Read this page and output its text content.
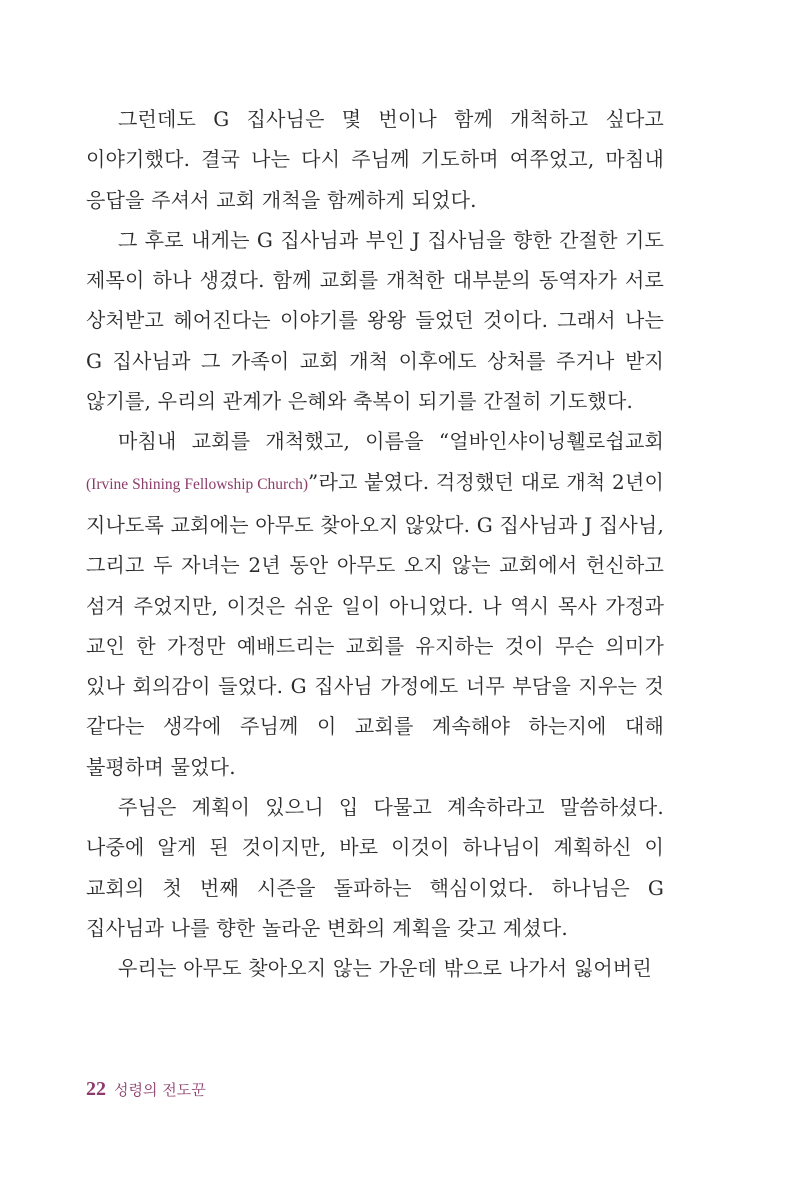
그런데도 G 집사님은 몇 번이나 함께 개척하고 싶다고 이야기했다. 결국 나는 다시 주님께 기도하며 여쭈었고, 마침내 응답을 주셔서 교회 개척을 함께하게 되었다.

그 후로 내게는 G 집사님과 부인 J 집사님을 향한 간절한 기도 제목이 하나 생겼다. 함께 교회를 개척한 대부분의 동역자가 서로 상처받고 헤어진다는 이야기를 왕왕 들었던 것이다. 그래서 나는 G 집사님과 그 가족이 교회 개척 이후에도 상처를 주거나 받지 않기를, 우리의 관계가 은혜와 축복이 되기를 간절히 기도했다.

마침내 교회를 개척했고, 이름을 “얼바인샤이닝휄로쉽교회(Irvine Shining Fellowship Church)”라고 붙였다. 걱정했던 대로 개척 2년이 지나도록 교회에는 아무도 찾아오지 않았다. G 집사님과 J 집사님, 그리고 두 자녀는 2년 동안 아무도 오지 않는 교회에서 헌신하고 섬겨 주었지만, 이것은 쉬운 일이 아니었다. 나 역시 목사 가정과 교인 한 가정만 예배드리는 교회를 유지하는 것이 무슨 의미가 있나 회의감이 들었다. G 집사님 가정에도 너무 부담을 지우는 것 같다는 생각에 주님께 이 교회를 계속해야 하는지에 대해 불평하며 물었다.

주님은 계획이 있으니 입 다물고 계속하라고 말씀하셨다. 나중에 알게 된 것이지만, 바로 이것이 하나님이 계획하신 이 교회의 첫 번째 시즌을 돌파하는 핵심이었다. 하나님은 G 집사님과 나를 향한 놀라운 변화의 계획을 갖고 계셨다.

우리는 아무도 찾아오지 않는 가운데 밖으로 나가서 잃어버린

22 성령의 전도꾼
